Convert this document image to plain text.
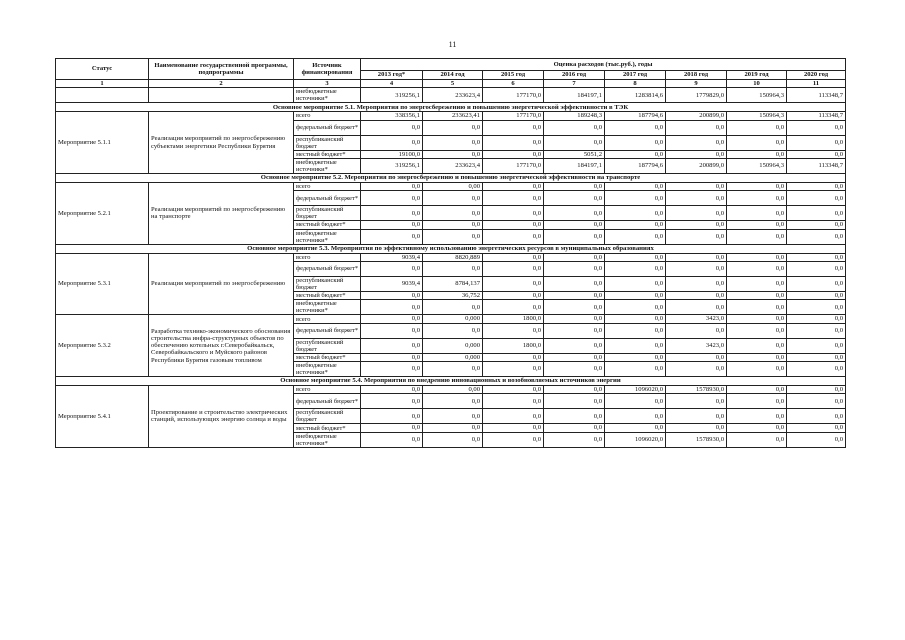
11
Статус	Наименование государственной программы, подпрограммы	Источник финансирования	Оценка расходов (тыс.руб.), годы							
			2013 год*	2014 год	2015 год	2016 год	2017 год	2018 год	2019 год	2020 год
1	2	3	4	5	6	7	8	9	10	11
		внебюджетные источники*	319256,1	233623,4	177170,0	184197,1	1283814,6	1779829,0	150964,3	113348,7
Основное мероприятие 5.1. Мероприятия по энергосбережению и повышению энергетической эффективности в ТЭК										
Мероприятие 5.1.1	Реализация мероприятий по энергосбережению субъектами энергетики Республики Бурятия	всего	338356,1	233623,41	177170,0	189248,3	187794,6	200899,0	150964,3	113348,7
		федеральный бюджет*	0,0	0,0	0,0	0,0	0,0	0,0	0,0	0,0
		республиканский бюджет	0,0	0,0	0,0	0,0	0,0	0,0	0,0	0,0
		местный бюджет*	19100,0	0,0	0,0	5051,2	0,0	0,0	0,0	0,0
		внебюджетные источники*	319256,1	233623,4	177170,0	184197,1	187794,6	200899,0	150964,3	113348,7
Основное мероприятие 5.2. Мероприятия по энергосбережению и повышению энергетической эффективности на транспорте										
Мероприятие 5.2.1	Реализация мероприятий по энергосбережению на транспорте	всего	0,0	0,00	0,0	0,0	0,0	0,0	0,0	0,0
		федеральный бюджет*	0,0	0,0	0,0	0,0	0,0	0,0	0,0	0,0
		республиканский бюджет	0,0	0,0	0,0	0,0	0,0	0,0	0,0	0,0
		местный бюджет*	0,0	0,0	0,0	0,0	0,0	0,0	0,0	0,0
		внебюджетные источники*	0,0	0,0	0,0	0,0	0,0	0,0	0,0	0,0
Основное мероприятие 5.3. Мероприятия по эффективному использованию энергетических ресурсов в муниципальных образованиях										
Мероприятие 5.3.1	Реализация мероприятий по энергосбережению	всего	9039,4	8820,889	0,0	0,0	0,0	0,0	0,0	0,0
		федеральный бюджет*	0,0	0,0	0,0	0,0	0,0	0,0	0,0	0,0
		республиканский бюджет	9039,4	8784,137	0,0	0,0	0,0	0,0	0,0	0,0
		местный бюджет*	0,0	36,752	0,0	0,0	0,0	0,0	0,0	0,0
		внебюджетные источники*	0,0	0,0	0,0	0,0	0,0	0,0	0,0	0,0
Мероприятие 5.3.2	Разработка технико-экономического обоснования строительства инфра-структурных объектов по обеспечению котельных г.Северобайкальск, Северобайкальского и Муйского районов Республики Бурятия газовым топливом	всего	0,0	0,000	1800,0	0,0	0,0	3423,0	0,0	0,0
		федеральный бюджет*	0,0	0,0	0,0	0,0	0,0	0,0	0,0	0,0
		республиканский бюджет	0,0	0,000	1800,0	0,0	0,0	3423,0	0,0	0,0
		местный бюджет*	0,0	0,000	0,0	0,0	0,0	0,0	0,0	0,0
		внебюджетные источники*	0,0	0,0	0,0	0,0	0,0	0,0	0,0	0,0
Основное мероприятие 5.4. Мероприятия по внедрению инновационных и возобновляемых источников энергии										
Мероприятие 5.4.1	Проектирование и строительство электрических станций, использующих энергию солнца и воды	всего	0,0	0,00	0,0	0,0	1096020,0	1578930,0	0,0	0,0
		федеральный бюджет*	0,0	0,0	0,0	0,0	0,0	0,0	0,0	0,0
		республиканский бюджет	0,0	0,0	0,0	0,0	0,0	0,0	0,0	0,0
		местный бюджет*	0,0	0,0	0,0	0,0	0,0	0,0	0,0	0,0
		внебюджетные источники*	0,0	0,0	0,0	0,0	1096020,0	1578930,0	0,0	0,0
